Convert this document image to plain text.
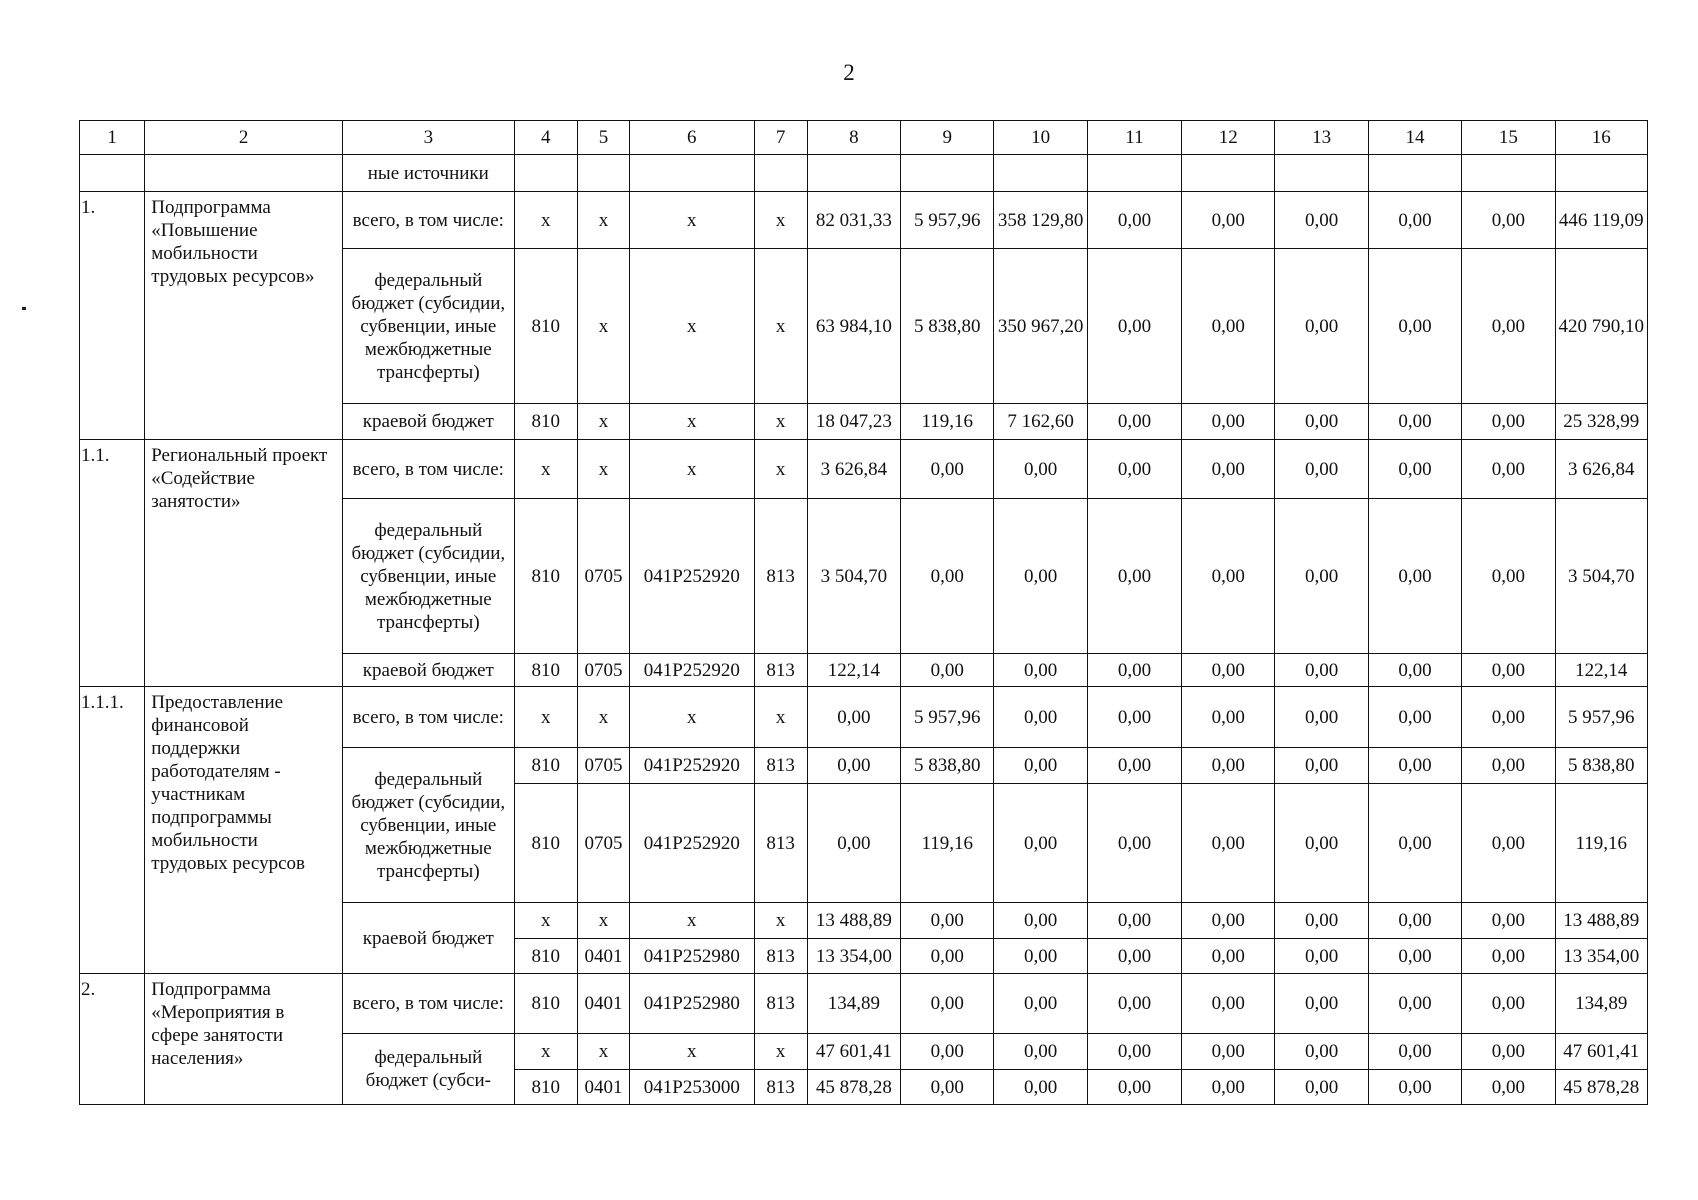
2
1	2	3	4	5	6	7	8	9	10	11	12	13	14	15	16
		ные источники													
1.	Подпрограмма «Повышение мобильности трудовых ресурсов»	всего, в том числе:	x	x	x	x	82 031,33	5 957,96	358 129,80	0,00	0,00	0,00	0,00	0,00	446 119,09
		федеральный бюджет (субсидии, субвенции, иные межбюджетные трансферты)	810	x	x	x	63 984,10	5 838,80	350 967,20	0,00	0,00	0,00	0,00	0,00	420 790,10
		краевой бюджет	810	x	x	x	18 047,23	119,16	7 162,60	0,00	0,00	0,00	0,00	0,00	25 328,99
1.1.	Региональный проект «Содействие занятости»	всего, в том числе:	x	x	x	x	3 626,84	0,00	0,00	0,00	0,00	0,00	0,00	0,00	3 626,84
		федеральный бюджет (субсидии, субвенции, иные межбюджетные трансферты)	810	0705	041P252920	813	3 504,70	0,00	0,00	0,00	0,00	0,00	0,00	0,00	3 504,70
		краевой бюджет	810	0705	041P252920	813	122,14	0,00	0,00	0,00	0,00	0,00	0,00	0,00	122,14
1.1.1.	Предоставление финансовой поддержки работодателям - участникам подпрограммы мобильности трудовых ресурсов	всего, в том числе:	x	x	x	x	0,00	5 957,96	0,00	0,00	0,00	0,00	0,00	0,00	5 957,96
		федеральный бюджет (субсидии, субвенции, иные межбюджетные трансферты)	810	0705	041P252920	813	0,00	5 838,80	0,00	0,00	0,00	0,00	0,00	0,00	5 838,80
			810	0705	041P252920	813	0,00	119,16	0,00	0,00	0,00	0,00	0,00	0,00	119,16
		краевой бюджет	x	x	x	x	13 488,89	0,00	0,00	0,00	0,00	0,00	0,00	0,00	13 488,89
			810	0401	041P252980	813	13 354,00	0,00	0,00	0,00	0,00	0,00	0,00	0,00	13 354,00
2.	Подпрограмма «Мероприятия в сфере занятости населения»	всего, в том числе:	810	0401	041P252980	813	134,89	0,00	0,00	0,00	0,00	0,00	0,00	0,00	134,89
		федеральный бюджет (субси-	x	x	x	x	47 601,41	0,00	0,00	0,00	0,00	0,00	0,00	0,00	47 601,41
			810	0401	041P253000	813	45 878,28	0,00	0,00	0,00	0,00	0,00	0,00	0,00	45 878,28
